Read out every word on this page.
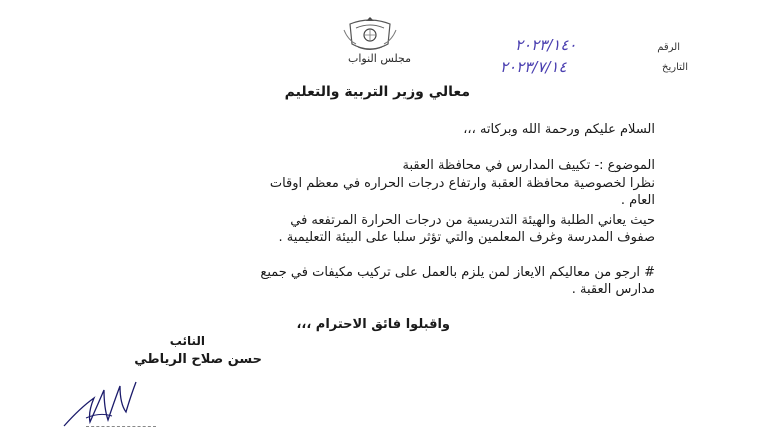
مجلس النواب
الرقم
٢٠٢٣/١٤٠
التاريخ
٢٠٢٣/٧/١٤
معالي وزير التربية والتعليم
السلام عليكم ورحمة الله وبركاته ،،،
الموضوع :- تكييف المدارس في محافظة العقبة
نظرا لخصوصية محافظة العقبة وارتفاع درجات الحراره في معظم اوقات
العام .
حيث يعاني الطلبة والهيئة التدريسية من درجات الحرارة المرتفعه في
صفوف المدرسة وغرف المعلمين والتي تؤثر سلبا على البيئة التعليمية .
# ارجو من معاليكم الايعاز لمن يلزم بالعمل على تركيب مكيفات في جميع
مدارس العقبة .
واقبلوا فائق الاحترام ،،،
النائب
حسن صلاح الرياطي
